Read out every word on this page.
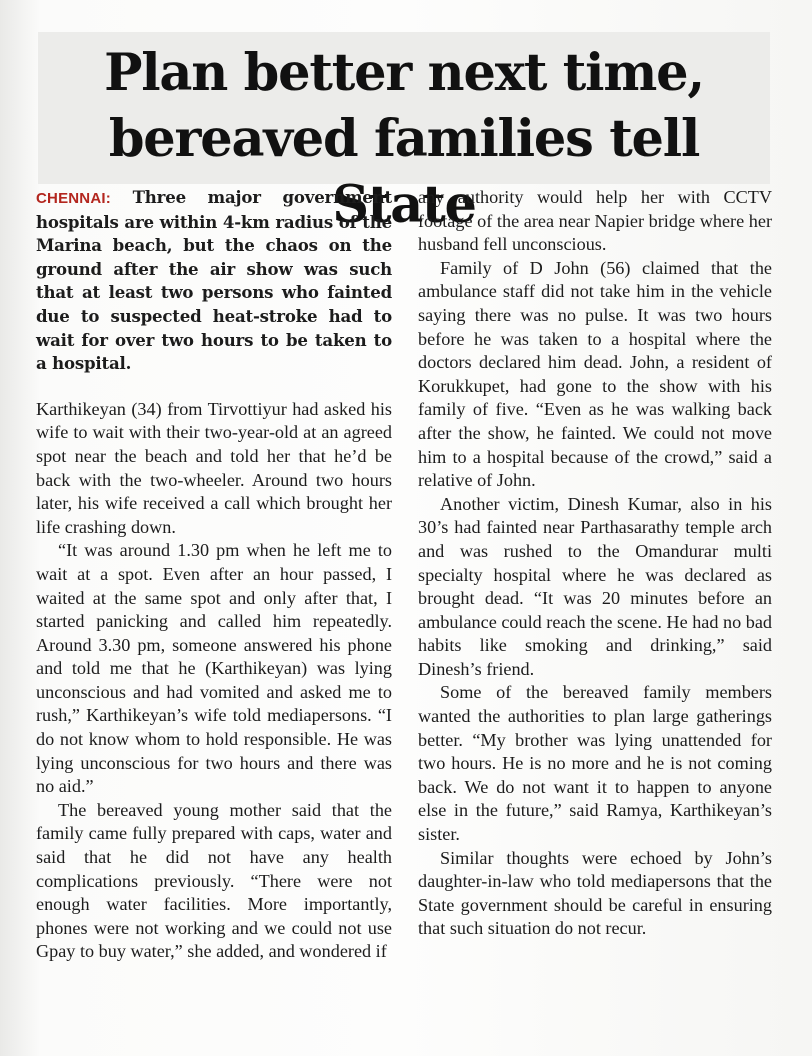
Plan better next time,
bereaved families tell State

CHENNAI: Three major government hospitals are within 4-km radius of the Marina beach, but the chaos on the ground after the air show was such that at least two persons who fainted due to suspected heat-stroke had to wait for over two hours to be taken to a hospital.

Karthikeyan (34) from Tirvottiyur had asked his wife to wait with their two-year-old at an agreed spot near the beach and told her that he’d be back with the two-wheeler. Around two hours later, his wife received a call which brought her life crashing down.

“It was around 1.30 pm when he left me to wait at a spot. Even after an hour passed, I waited at the same spot and only after that, I started panicking and called him repeatedly. Around 3.30 pm, someone answered his phone and told me that he (Karthikeyan) was lying unconscious and had vomited and asked me to rush,” Karthikeyan’s wife told mediapersons. “I do not know whom to hold responsible. He was lying unconscious for two hours and there was no aid.”

The bereaved young mother said that the family came fully prepared with caps, water and said that he did not have any health complications previously. “There were not enough water facilities. More importantly, phones were not working and we could not use Gpay to buy water,” she added, and wondered if

any authority would help her with CCTV footage of the area near Napier bridge where her husband fell unconscious.

Family of D John (56) claimed that the ambulance staff did not take him in the vehicle saying there was no pulse. It was two hours before he was taken to a hospital where the doctors declared him dead. John, a resident of Korukkupet, had gone to the show with his family of five. “Even as he was walking back after the show, he fainted. We could not move him to a hospital because of the crowd,” said a relative of John.

Another victim, Dinesh Kumar, also in his 30’s had fainted near Parthasarathy temple arch and was rushed to the Omandurar multi specialty hospital where he was declared as brought dead. “It was 20 minutes before an ambulance could reach the scene. He had no bad habits like smoking and drinking,” said Dinesh’s friend.

Some of the bereaved family members wanted the authorities to plan large gatherings better. “My brother was lying unattended for two hours. He is no more and he is not coming back. We do not want it to happen to anyone else in the future,” said Ramya, Karthikeyan’s sister.

Similar thoughts were echoed by John’s daughter-in-law who told mediapersons that the State government should be careful in ensuring that such situation do not recur.
